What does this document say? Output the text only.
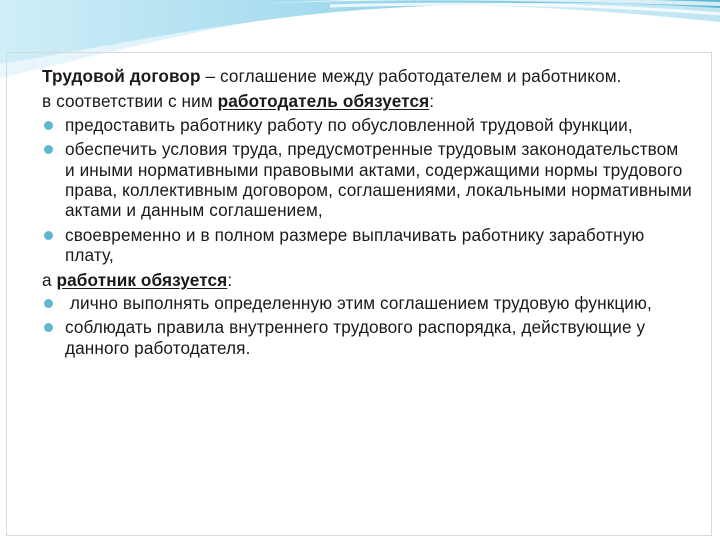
Трудовой договор – соглашение между работодателем и работником.

в соответствии с ним работодатель обязуется:

предоставить работнику работу по обусловленной трудовой функции,
обеспечить условия труда, предусмотренные трудовым законодательством и иными нормативными правовыми актами, содержащими нормы трудового права, коллективным договором, соглашениями, локальными нормативными актами и данным соглашением,
своевременно и в полном размере выплачивать работнику заработную плату,

а работник обязуется:

лично выполнять определенную этим соглашением трудовую функцию,
соблюдать правила внутреннего трудового распорядка, действующие у данного работодателя.
